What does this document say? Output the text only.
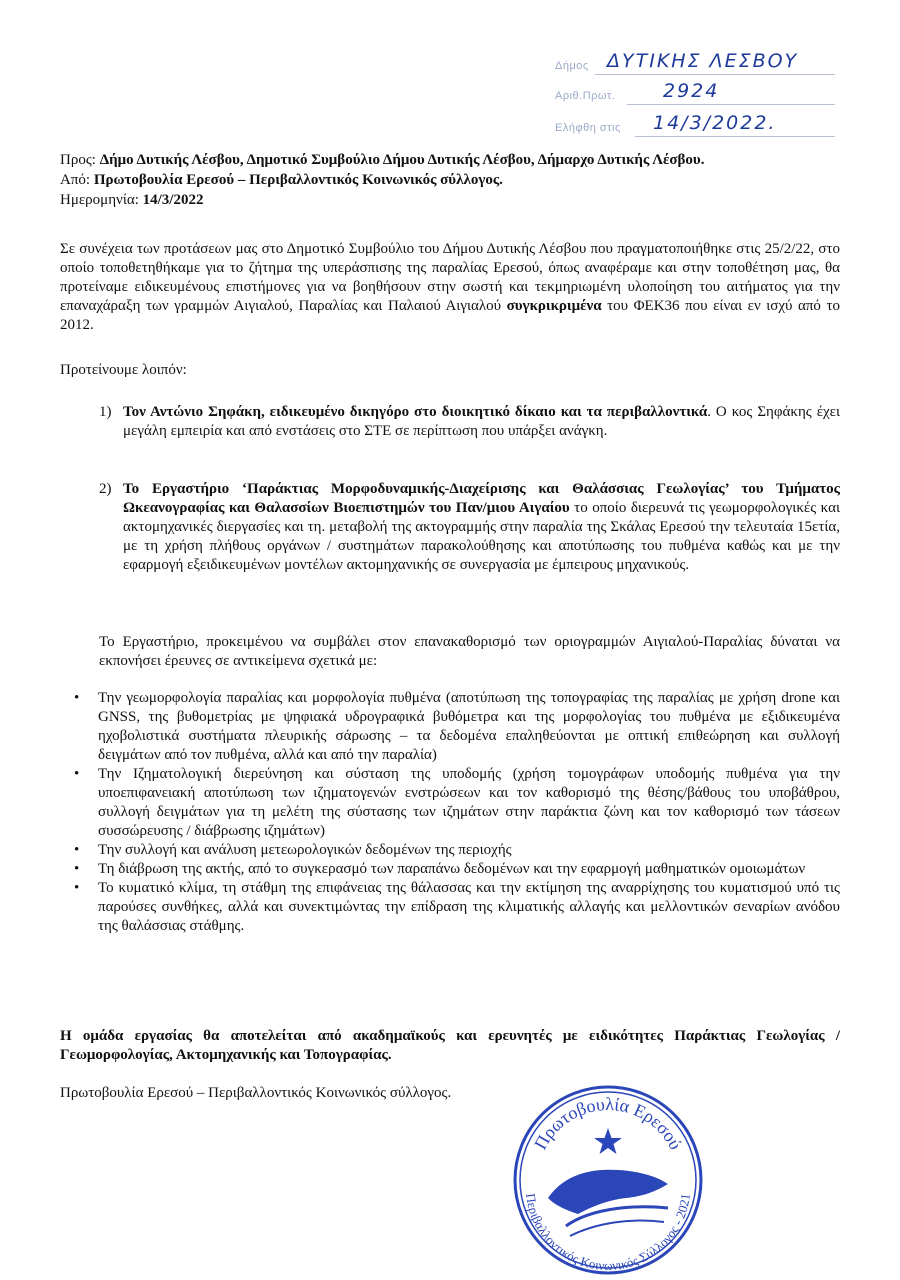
Δήμος ΔΥΤΙΚΗΣ ΛΕΣΒΟΥ
Αριθ.Πρωτ.	2924
Ελήφθη στις 14/3/2022.
Προς: Δήμο Δυτικής Λέσβου, Δημοτικό Συμβούλιο Δήμου Δυτικής Λέσβου, Δήμαρχο Δυτικής Λέσβου.
Από: Πρωτοβουλία Ερεσού – Περιβαλλοντικός Κοινωνικός σύλλογος.
Ημερομηνία: 14/3/2022

Σε συνέχεια των προτάσεων μας στο Δημοτικό Συμβούλιο του Δήμου Δυτικής Λέσβου που πραγματοποιήθηκε στις 25/2/22, στο οποίο τοποθετηθήκαμε για το ζήτημα της υπεράσπισης της παραλίας Ερεσού, όπως αναφέραμε και στην τοποθέτηση μας, θα προτείναμε ειδικευμένους επιστήμονες για να βοηθήσουν στην σωστή και τεκμηριωμένη υλοποίηση του αιτήματος για την επαναχάραξη των γραμμών Αιγιαλού, Παραλίας και Παλαιού Αιγιαλού συγκρικριμένα του ΦΕΚ36 που είναι εν ισχύ από το 2012.

Προτείνουμε λοιπόν:

1) Τον Αντώνιο Σηφάκη, ειδικευμένο δικηγόρο στο διοικητικό δίκαιο και τα περιβαλλοντικά. Ο κος Σηφάκης έχει μεγάλη εμπειρία και από ενστάσεις στο ΣΤΕ σε περίπτωση που υπάρξει ανάγκη.
2) Το Εργαστήριο ‘Παράκτιας Μορφοδυναμικής-Διαχείρισης και Θαλάσσιας Γεωλογίας’ του Τμήματος Ωκεανογραφίας και Θαλασσίων Βιοεπιστημών του Παν/μιου Αιγαίου το οποίο διερευνά τις γεωμορφολογικές και ακτομηχανικές διεργασίες και τη. μεταβολή της ακτογραμμής στην παραλία της Σκάλας Ερεσού την τελευταία 15ετία, με τη χρήση πλήθους οργάνων / συστημάτων παρακολούθησης και αποτύπωσης του πυθμένα καθώς και με την εφαρμογή εξειδικευμένων μοντέλων ακτομηχανικής σε συνεργασία με έμπειρους μηχανικούς.

Το Εργαστήριο, προκειμένου να συμβάλει στον επανακαθορισμό των οριογραμμών Αιγιαλού-Παραλίας δύναται να εκπονήσει έρευνες σε αντικείμενα σχετικά με:

• Την γεωμορφολογία παραλίας και μορφολογία πυθμένα (αποτύπωση της τοπογραφίας της παραλίας με χρήση drone και GNSS, της βυθομετρίας με ψηφιακά υδρογραφικά βυθόμετρα και της μορφολογίας του πυθμένα με εξιδικευμένα ηχοβολιστικά συστήματα πλευρικής σάρωσης – τα δεδομένα επαληθεύονται με οπτική επιθεώρηση και συλλογή δειγμάτων από τον πυθμένα, αλλά και από την παραλία)
• Την Ιζηματολογική διερεύνηση και σύσταση της υποδομής (χρήση τομογράφων υποδομής πυθμένα για την υποεπιφανειακή αποτύπωση των ιζηματογενών ενστρώσεων και τον καθορισμό της θέσης/βάθους του υποβάθρου, συλλογή δειγμάτων για τη μελέτη της σύστασης των ιζημάτων στην παράκτια ζώνη και τον καθορισμό των τάσεων συσσώρευσης / διάβρωσης ιζημάτων)
• Την συλλογή και ανάλυση μετεωρολογικών δεδομένων της περιοχής
• Τη διάβρωση της ακτής, από το συγκερασμό των παραπάνω δεδομένων και την εφαρμογή μαθηματικών ομοιωμάτων
• Το κυματικό κλίμα, τη στάθμη της επιφάνειας της θάλασσας και την εκτίμηση της αναρρίχησης του κυματισμού υπό τις παρούσες συνθήκες, αλλά και συνεκτιμώντας την επίδραση της κλιματικής αλλαγής και μελλοντικών σεναρίων ανόδου της θαλάσσιας στάθμης.

Η ομάδα εργασίας θα αποτελείται από ακαδημαϊκούς και ερευνητές με ειδικότητες Παράκτιας Γεωλογίας / Γεωμορφολογίας, Ακτομηχανικής και Τοπογραφίας.

Πρωτοβουλία Ερεσού – Περιβαλλοντικός Κοινωνικός σύλλογος.

Πρωτοβουλία Ερεσού
Περιβαλλοντικός Κοινωνικός Σύλλογος - 2021
